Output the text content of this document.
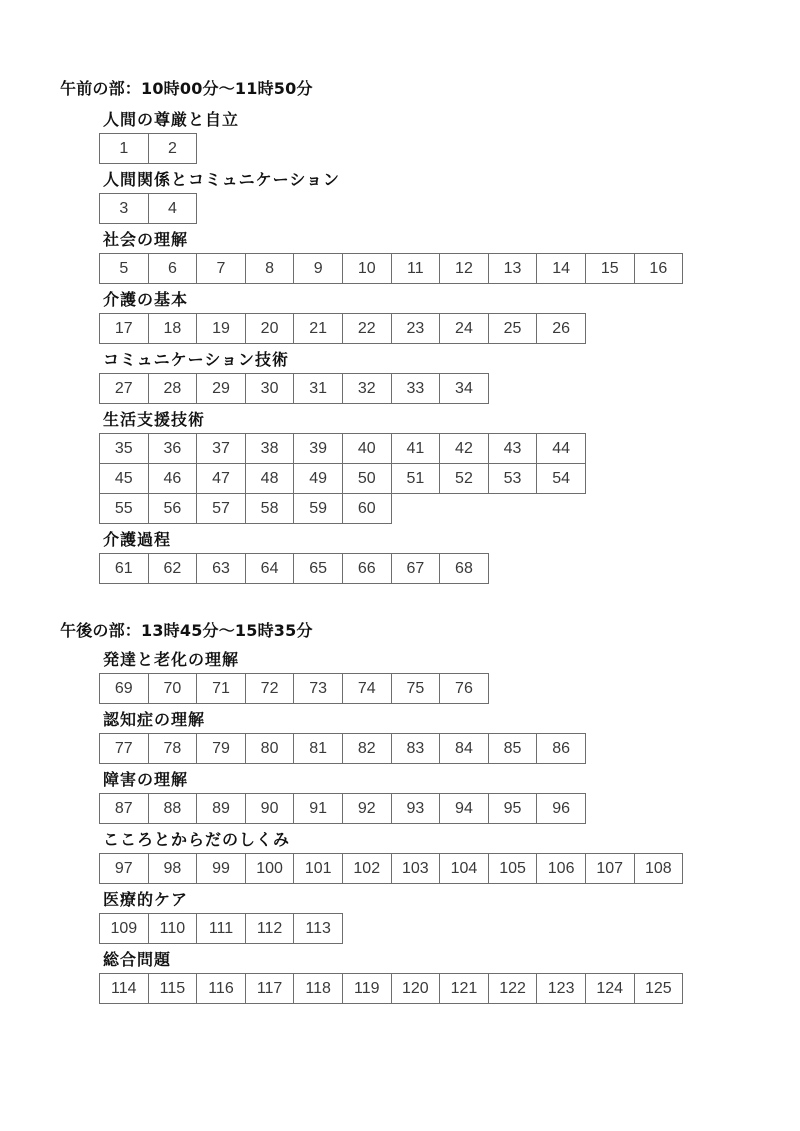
午前の部：10時00分～11時50分
人間の尊厳と自立
1	2
人間関係とコミュニケーション
3	4
社会の理解
5	6	7	8	9	10	11	12	13	14	15	16
介護の基本
17	18	19	20	21	22	23	24	25	26
コミュニケーション技術
27	28	29	30	31	32	33	34
生活支援技術
35	36	37	38	39	40	41	42	43	44
45	46	47	48	49	50	51	52	53	54
55	56	57	58	59	60
介護過程
61	62	63	64	65	66	67	68
午後の部：13時45分～15時35分
発達と老化の理解
69	70	71	72	73	74	75	76
認知症の理解
77	78	79	80	81	82	83	84	85	86
障害の理解
87	88	89	90	91	92	93	94	95	96
こころとからだのしくみ
97	98	99	100	101	102	103	104	105	106	107	108
医療的ケア
109	110	111	112	113
総合問題
114	115	116	117	118	119	120	121	122	123	124	125
